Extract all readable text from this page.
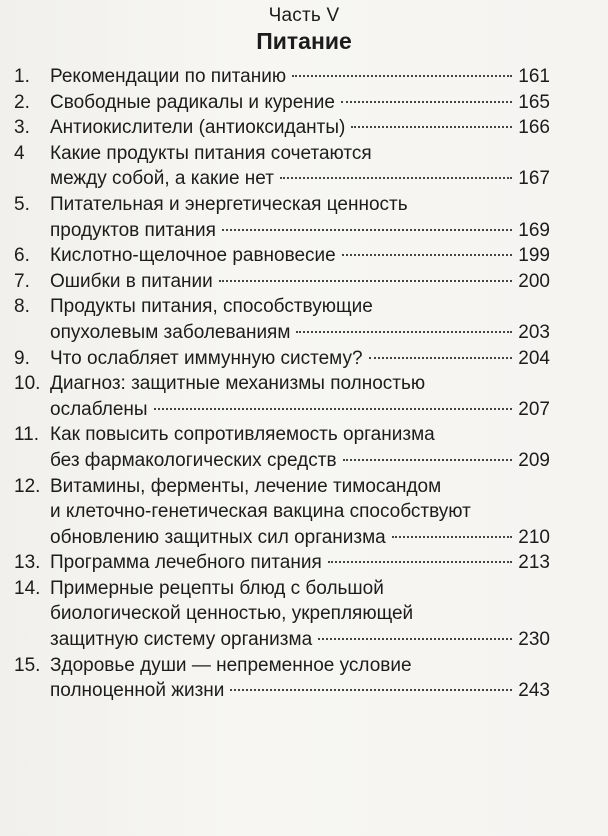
Часть V
Питание
1.	Рекомендации по питанию	161
2.	Свободные радикалы и курение	165
3.	Антиокислители (антиоксиданты)	166
4	Какие продукты питания сочетаются
между собой, а какие нет	167
5.	Питательная и энергетическая ценность
продуктов питания	169
6.	Кислотно-щелочное равновесие	199
7.	Ошибки в питании	200
8.	Продукты питания, способствующие
опухолевым заболеваниям	203
9.	Что ослабляет иммунную систему?	204
10. Диагноз: защитные механизмы полностью
ослаблены	207
11. Как повысить сопротивляемость организма
без фармакологических средств	209
12. Витамины, ферменты, лечение тимосандом
и клеточно-генетическая вакцина способствуют
обновлению защитных сил организма	210
13. Программа лечебного питания	213
14. Примерные рецепты блюд с большой
биологической ценностью, укрепляющей
защитную систему организма	230
15. Здоровье души — непременное условие
полноценной жизни	243
